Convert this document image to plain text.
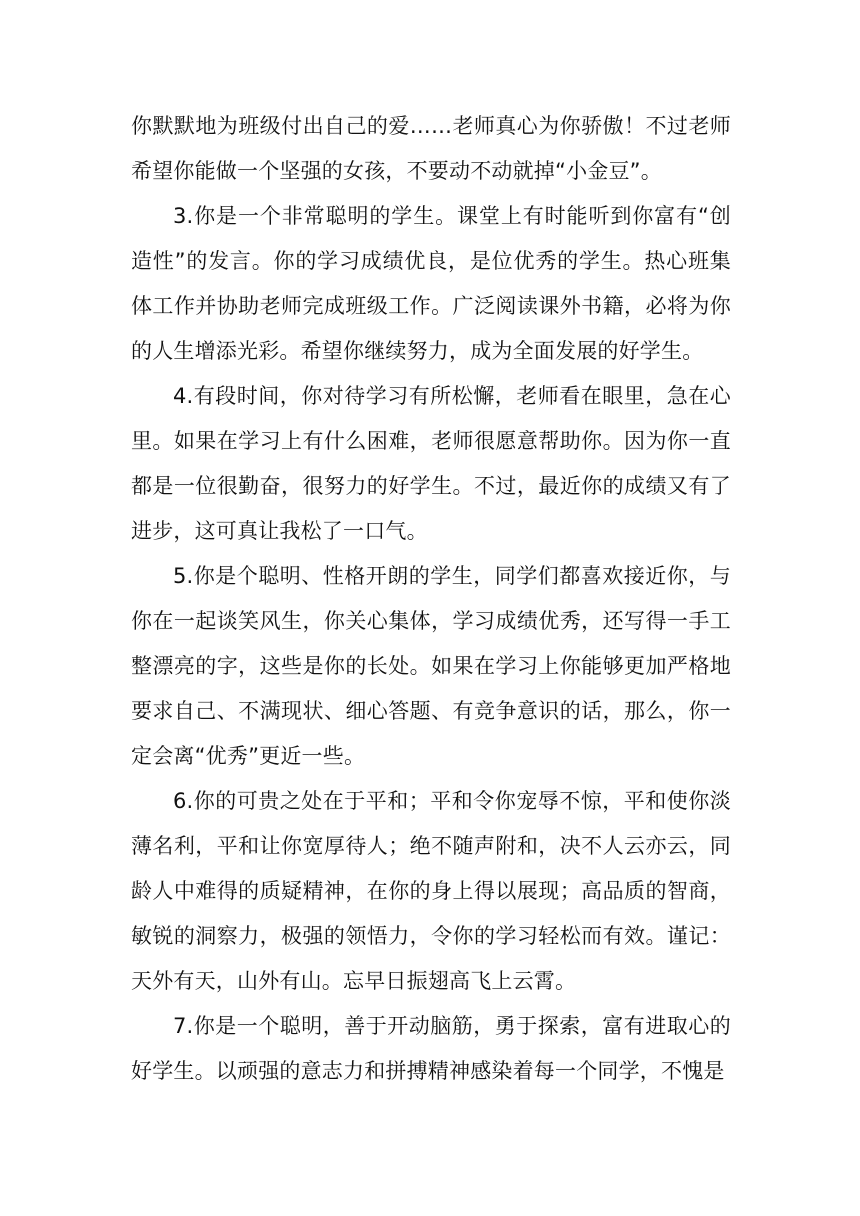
你默默地为班级付出自己的爱……老师真心为你骄傲！不过老师希望你能做一个坚强的女孩，不要动不动就掉“小金豆”。

3.你是一个非常聪明的学生。课堂上有时能听到你富有“创造性”的发言。你的学习成绩优良，是位优秀的学生。热心班集体工作并协助老师完成班级工作。广泛阅读课外书籍，必将为你的人生增添光彩。希望你继续努力，成为全面发展的好学生。

4.有段时间，你对待学习有所松懈，老师看在眼里，急在心里。如果在学习上有什么困难，老师很愿意帮助你。因为你一直都是一位很勤奋，很努力的好学生。不过，最近你的成绩又有了进步，这可真让我松了一口气。

5.你是个聪明、性格开朗的学生，同学们都喜欢接近你，与你在一起谈笑风生，你关心集体，学习成绩优秀，还写得一手工整漂亮的字，这些是你的长处。如果在学习上你能够更加严格地要求自己、不满现状、细心答题、有竞争意识的话，那么，你一定会离“优秀”更近一些。

6.你的可贵之处在于平和；平和令你宠辱不惊，平和使你淡薄名利，平和让你宽厚待人；绝不随声附和，决不人云亦云，同龄人中难得的质疑精神，在你的身上得以展现；高品质的智商，敏锐的洞察力，极强的领悟力，令你的学习轻松而有效。谨记：天外有天，山外有山。忘早日振翅高飞上云霄。

7.你是一个聪明，善于开动脑筋，勇于探索，富有进取心的好学生。以顽强的意志力和拼搏精神感染着每一个同学，不愧是
